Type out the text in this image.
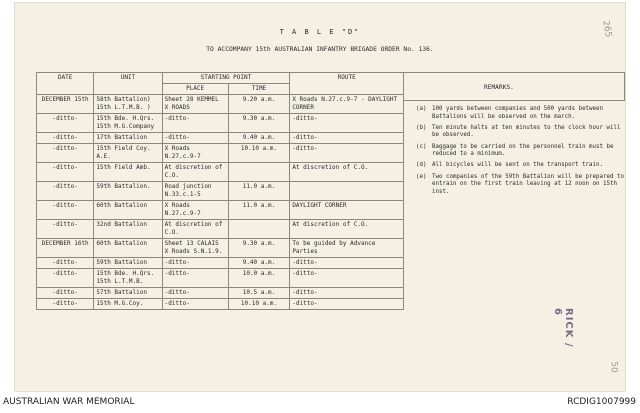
T A B L E "D"
TO ACCOMPANY 15th AUSTRALIAN INFANTRY BRIGADE ORDER No. 136.
265
50
RICK / 6
DATE	UNIT	STARTING POINT		ROUTE
		PLACE	TIME	
DECEMBER 15th	58th Battalion) 15th L.T.M.B. )	Sheet 28 KEMMEL X ROADS	9.20 a.m.	X Roads N.27.c.9-7 - DAYLIGHT CORNER
-ditto-	15th Bde. H.Qrs. 15th M.G.Company	-ditto-	9.30 a.m.	-ditto-
-ditto-	17th Battalion	-ditto-	9.40 a.m.	-ditto-
-ditto-	15th Field Coy. A.E.	X Roads N.27.c.9-7	10.10 a.m.	-ditto-
-ditto-	15th Field Amb.	At discretion of C.O.		At discretion of C.O.
-ditto-	59th Battalion.	Road junction N.33.c.1-5	11.0 a.m.	
-ditto-	60th Battalion	X Roads N.27.c.9-7	11.0 a.m.	DAYLIGHT CORNER
-ditto-	32nd Battalion	At discretion of C.O.		At discretion of C.O.
DECEMBER 16th	60th Battalion	Sheet 13 CALAIS X Roads S.N.1.9.	9.30 a.m.	To be guided by Advance Parties
-ditto-	59th Battalion	-ditto-	9.40 a.m.	-ditto-
-ditto-	15th Bde. H.Qrs. 15th L.T.M.B.	-ditto-	10.0 a.m.	-ditto-
-ditto-	57th Battalion	-ditto-	10.5 a.m.	-ditto-
-ditto-	15th M.G.Coy.	-ditto-	10.10 a.m.	-ditto-
REMARKS.
(a) 100 yards between companies and 500 yards between Battalions will be observed on the march.
(b) Ten minute halts at ten minutes to the clock hour will be observed.
(c) Baggage to be carried on the personnel train must be reduced to a minimum.
(d) All bicycles will be sent on the transport train.
(e) Two companies of the 59th Battalion will be prepared to entrain on the first train leaving at 12 noon on 15th inst.
AUSTRALIAN WAR MEMORIAL	RCDIG1007999
